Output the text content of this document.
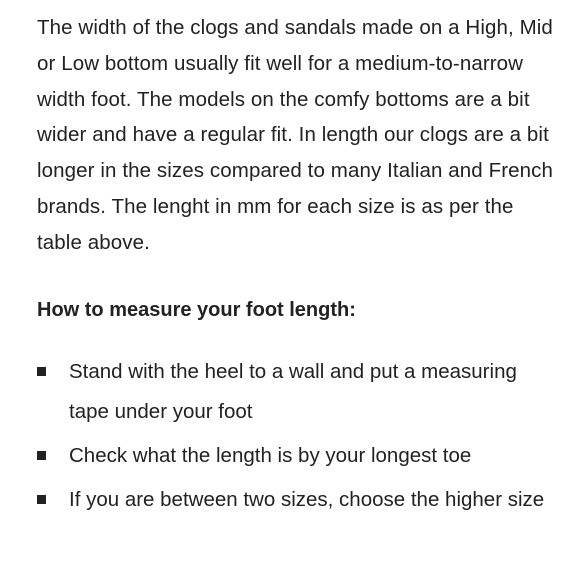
The width of the clogs and sandals made on a High, Mid or Low bottom usually fit well for a medium-to-narrow width foot. The models on the comfy bottoms are a bit wider and have a regular fit. In length our clogs are a bit longer in the sizes compared to many Italian and French brands. The lenght in mm for each size is as per the table above.

How to measure your foot length:
Stand with the heel to a wall and put a measuring tape under your foot
Check what the length is by your longest toe
If you are between two sizes, choose the higher size
